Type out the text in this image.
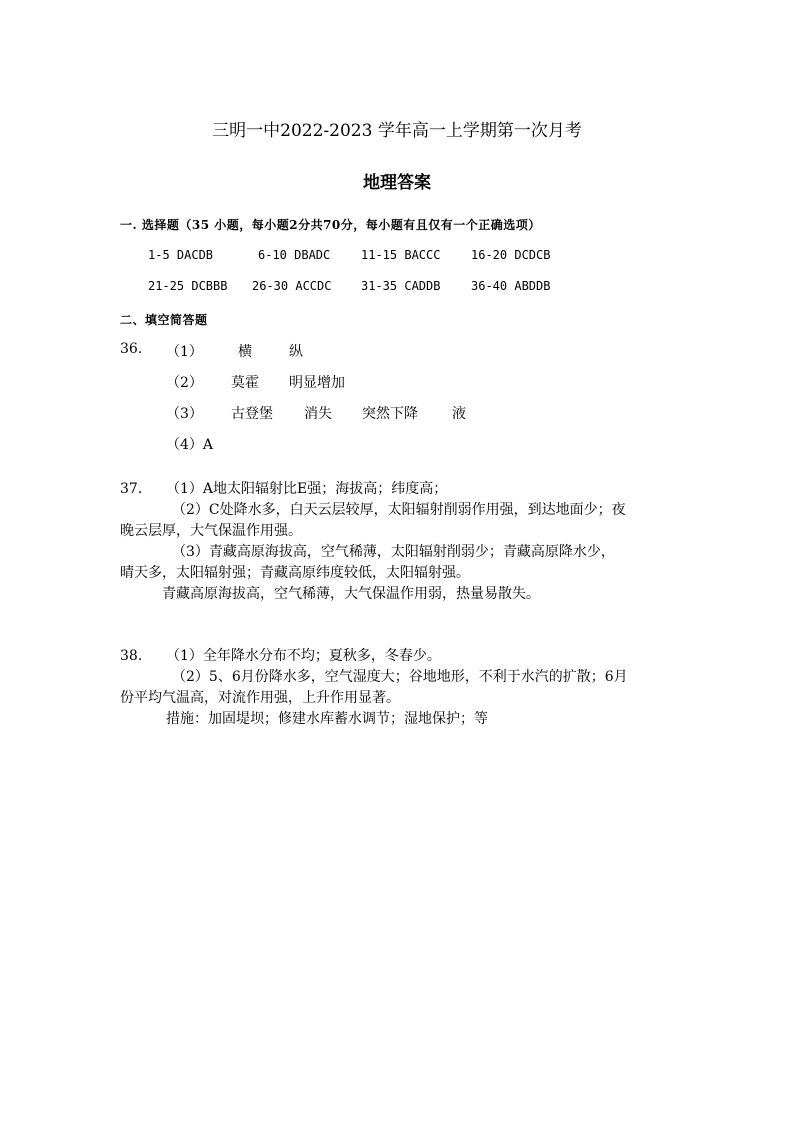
三明一中2022-2023 学年高一上学期第一次月考
地理答案
一. 选择题（35 小题，每小题2分共70分，每小题有且仅有一个正确选项）
1-5 DACDB	6-10 DBADC	11-15 BACCC	16-20 DCDCB
21-25 DCBBB 26-30 ACCDC 31-35 CADDB	36-40 ABDDB
二、填空简答题
36. （1）	横	纵
（2） 莫霍 明显增加
（3） 古登堡 消失 突然下降 液
（4）A
37. （1）A地太阳辐射比E强；海拔高；纬度高；
（2）C处降水多，白天云层较厚，太阳辐射削弱作用强，到达地面少；夜
晚云层厚，大气保温作用强。
（3）青藏高原海拔高，空气稀薄，太阳辐射削弱少；青藏高原降水少，
晴天多，太阳辐射强；青藏高原纬度较低，太阳辐射强。
青藏高原海拔高，空气稀薄，大气保温作用弱，热量易散失。
38. （1）全年降水分布不均；夏秋多，冬春少。
（2）5、6月份降水多，空气湿度大；谷地地形，不利于水汽的扩散；6月
份平均气温高，对流作用强，上升作用显著。
措施：加固堤坝；修建水库蓄水调节；湿地保护；等
